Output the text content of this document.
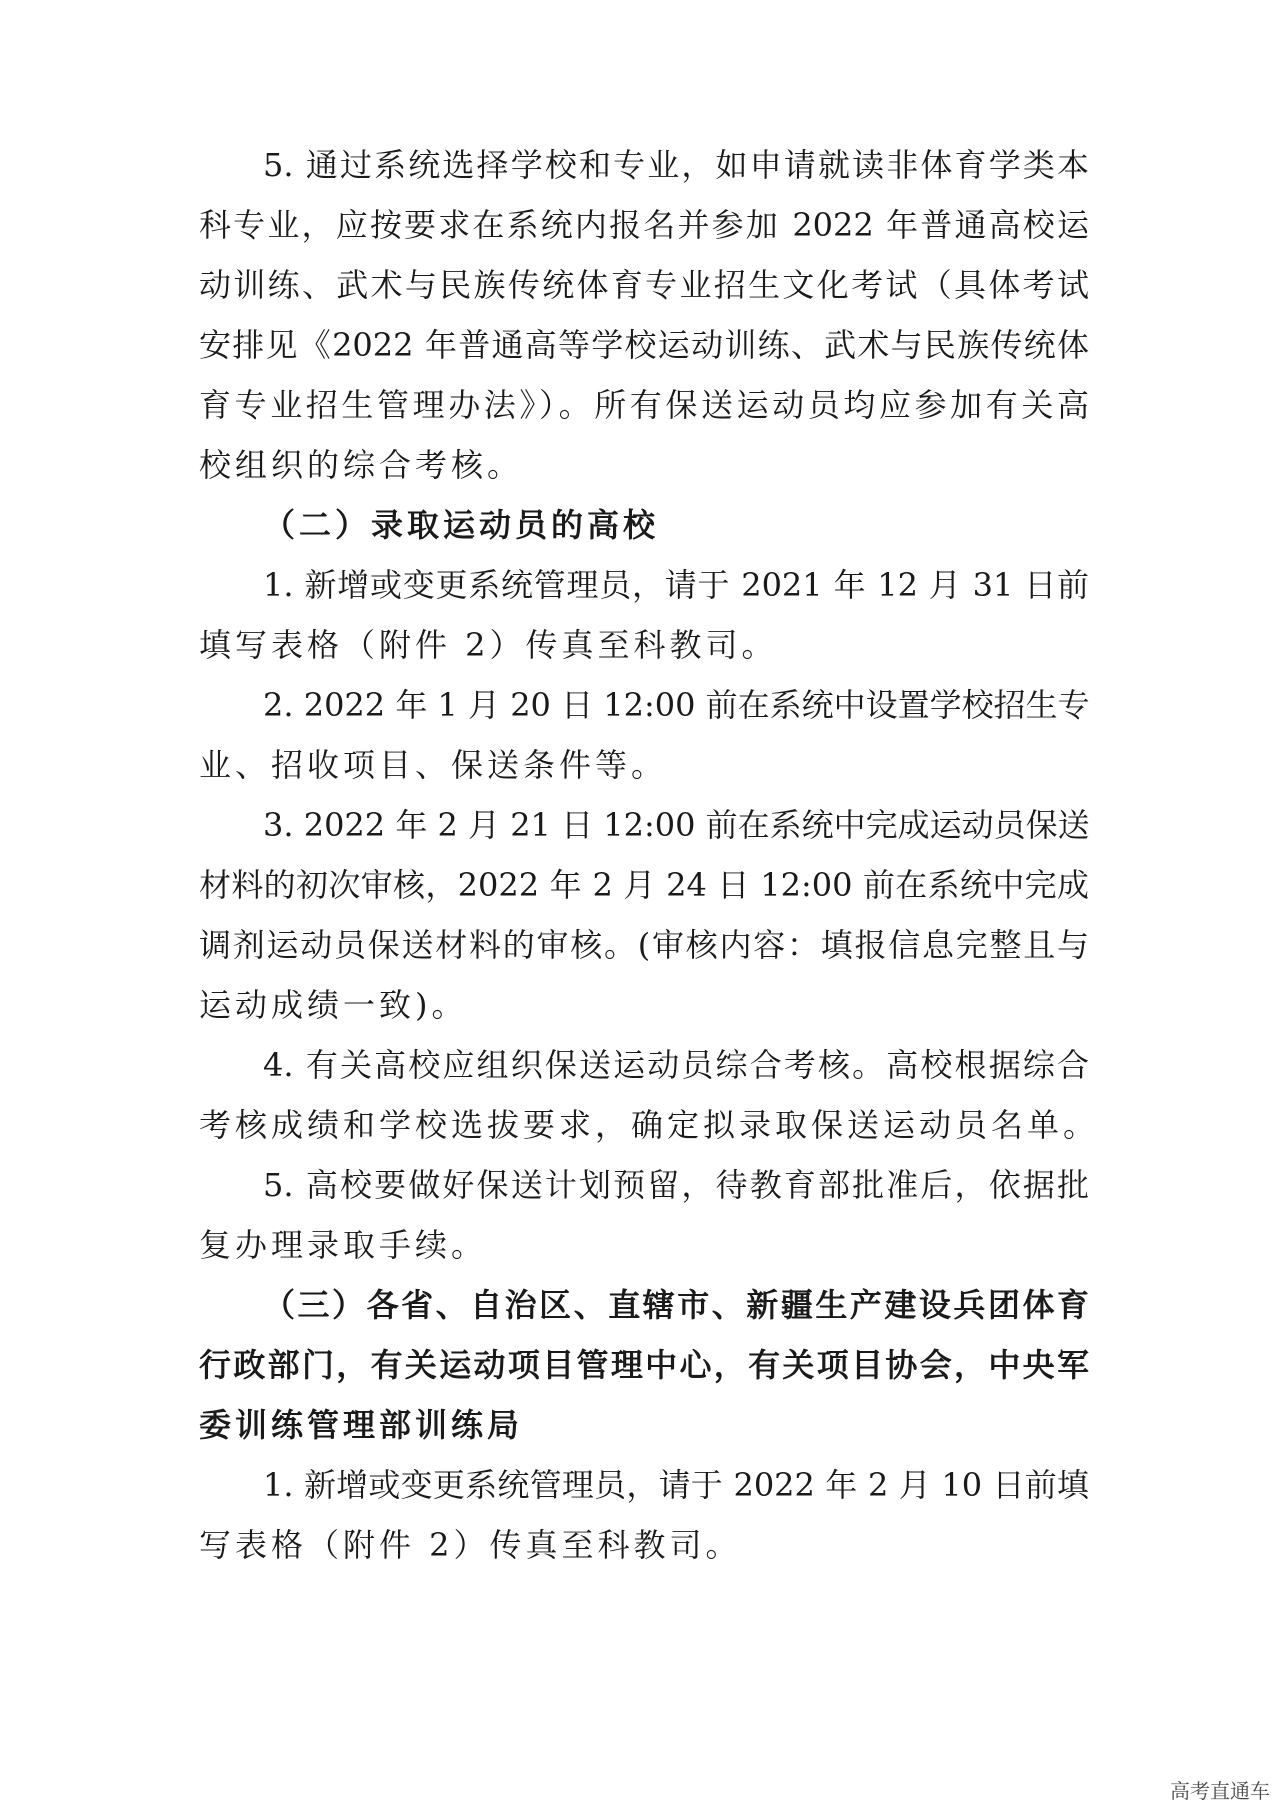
5. 通过系统选择学校和专业，如申请就读非体育学类本
科专业，应按要求在系统内报名并参加 2022 年普通高校运
动训练、武术与民族传统体育专业招生文化考试（具体考试
安排见《2022 年普通高等学校运动训练、武术与民族传统体
育专业招生管理办法》）。所有保送运动员均应参加有关高
校组织的综合考核。
（二）录取运动员的高校
1. 新增或变更系统管理员，请于 2021 年 12 月 31 日前
填写表格（附件 2）传真至科教司。
2. 2022 年 1 月 20 日 12:00 前在系统中设置学校招生专
业、招收项目、保送条件等。
3. 2022 年 2 月 21 日 12:00 前在系统中完成运动员保送
材料的初次审核，2022 年 2 月 24 日 12:00 前在系统中完成
调剂运动员保送材料的审核。(审核内容：填报信息完整且与
运动成绩一致)。
4. 有关高校应组织保送运动员综合考核。高校根据综合
考核成绩和学校选拔要求，确定拟录取保送运动员名单。
5. 高校要做好保送计划预留，待教育部批准后，依据批
复办理录取手续。
（三）各省、自治区、直辖市、新疆生产建设兵团体育
行政部门，有关运动项目管理中心，有关项目协会，中央军
委训练管理部训练局
1. 新增或变更系统管理员，请于 2022 年 2 月 10 日前填
写表格（附件 2）传真至科教司。
高考直通车
